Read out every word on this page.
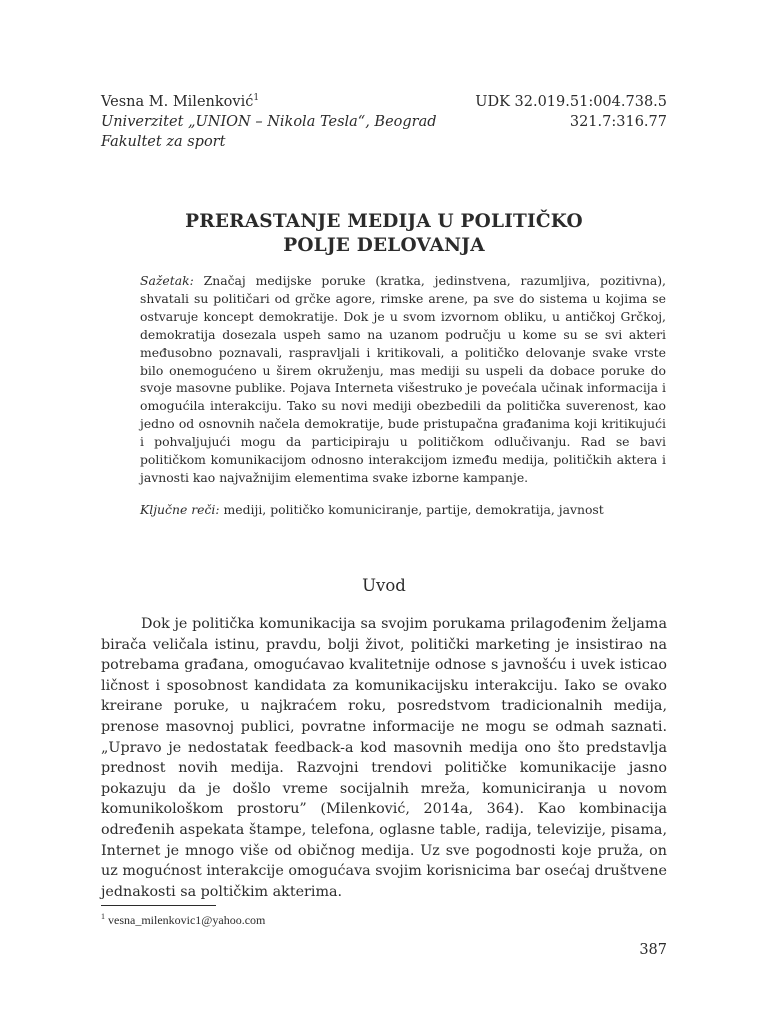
Vesna M. Milenković$^1$
Univerzitet „UNION – Nikola Tesla“, Beograd
Fakultet za sport
UDK 32.019.51:004.738.5
321.7:316.77
PRERASTANJE MEDIJA U POLITIČKO
POLJE DELOVANJA
Sažetak: Značaj medijske poruke (kratka, jedinstvena, razumljiva, pozitivna), shvatali su političari od grčke agore, rimske arene, pa sve do sistema u kojima se ostvaruje koncept demokratije. Dok je u svom izvornom obliku, u antičkoj Grčkoj, demokratija dosezala uspeh samo na uzanom području u kome su se svi akteri međusobno poznavali, raspravljali i kritikovali, a političko delovanje svake vrste bilo onemogućeno u širem okruženju, mas mediji su uspeli da dobace poruke do svoje masovne publike. Pojava Interneta višestruko je povećala učinak informacija i omogućila interakciju. Tako su novi mediji obezbedili da politička suverenost, kao jedno od osnovnih načela demokratije, bude pristupačna građanima koji kritikujući i pohvaljujući mogu da participiraju u političkom odlučivanju. Rad se bavi političkom komunikacijom odnosno interakcijom između medija, političkih aktera i javnosti kao najvažnijim elementima svake izborne kampanje.
Ključne reči: mediji, političko komuniciranje, partije, demokratija, javnost
Uvod
Dok je politička komunikacija sa svojim porukama prilagođenim željama birača veličala istinu, pravdu, bolji život, politički marketing je insistirao na potrebama građana, omogućavao kvalitetnije odnose s javnošću i uvek isticao ličnost i sposobnost kandidata za komunikacijsku interakciju. Iako se ovako kreirane poruke, u najkraćem roku, posredstvom tradicionalnih medija, prenose masovnoj publici, povratne informacije ne mogu se odmah saznati. „Upravo je nedostatak feedback-a kod masovnih medija ono što predstavlja prednost novih medija. Razvojni trendovi političke komunikacije jasno pokazuju da je došlo vreme socijalnih mreža, komuniciranja u novom komunikološkom prostoru” (Milenković, 2014a, 364). Kao kombinacija određenih aspekata štampe, telefona, oglasne table, radija, televizije, pisama, Internet je mnogo više od običnog medija. Uz sve pogodnosti koje pruža, on uz mogućnost interakcije omogućava svojim korisnicima bar osećaj društvene jednakosti sa poltičkim akterima.
$^1$ vesna_milenkovic1@yahoo.com
387
